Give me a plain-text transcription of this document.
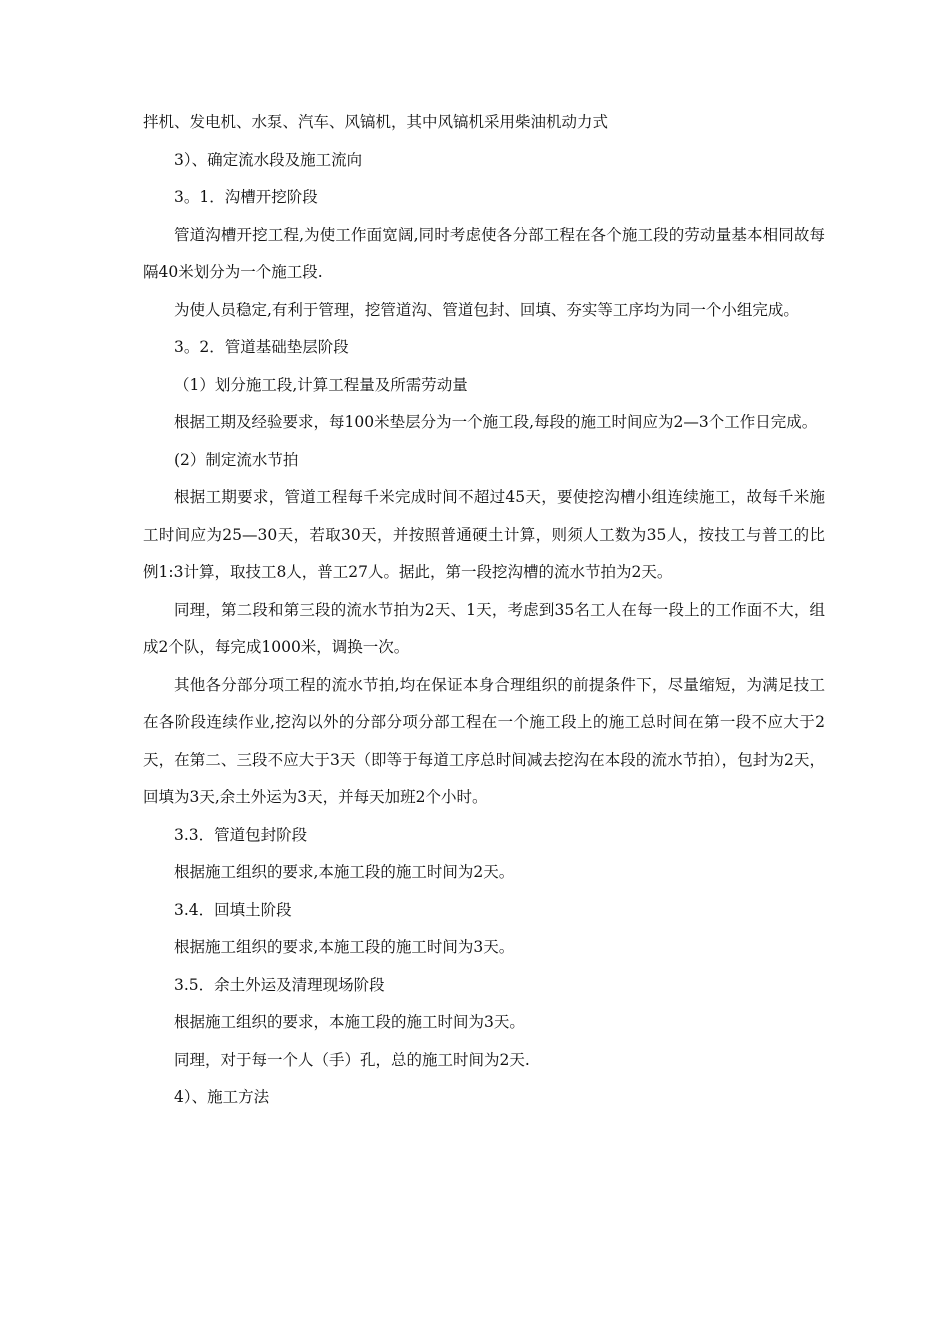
拌机、发电机、水泵、汽车、风镐机，其中风镐机采用柴油机动力式

3）、确定流水段及施工流向

3。1．沟槽开挖阶段

管道沟槽开挖工程,为使工作面宽阔,同时考虑使各分部工程在各个施工段的劳动量基本相同故每隔40米划分为一个施工段.

为使人员稳定,有利于管理，挖管道沟、管道包封、回填、夯实等工序均为同一个小组完成。

3。2．管道基础垫层阶段

（1）划分施工段,计算工程量及所需劳动量

根据工期及经验要求，每100米垫层分为一个施工段,每段的施工时间应为2—3个工作日完成。

(2）制定流水节拍

根据工期要求，管道工程每千米完成时间不超过45天，要使挖沟槽小组连续施工，故每千米施工时间应为25—30天，若取30天，并按照普通硬土计算，则须人工数为35人，按技工与普工的比例1:3计算，取技工8人，普工27人。据此，第一段挖沟槽的流水节拍为2天。

同理，第二段和第三段的流水节拍为2天、1天，考虑到35名工人在每一段上的工作面不大，组成2个队，每完成1000米，调换一次。

其他各分部分项工程的流水节拍,均在保证本身合理组织的前提条件下，尽量缩短，为满足技工在各阶段连续作业,挖沟以外的分部分项分部工程在一个施工段上的施工总时间在第一段不应大于2天，在第二、三段不应大于3天（即等于每道工序总时间减去挖沟在本段的流水节拍），包封为2天，回填为3天,余土外运为3天，并每天加班2个小时。

3.3．管道包封阶段

根据施工组织的要求,本施工段的施工时间为2天。

3.4．回填土阶段

根据施工组织的要求,本施工段的施工时间为3天。

3.5．余土外运及清理现场阶段

根据施工组织的要求，本施工段的施工时间为3天。

同理，对于每一个人（手）孔，总的施工时间为2天.

4）、施工方法
